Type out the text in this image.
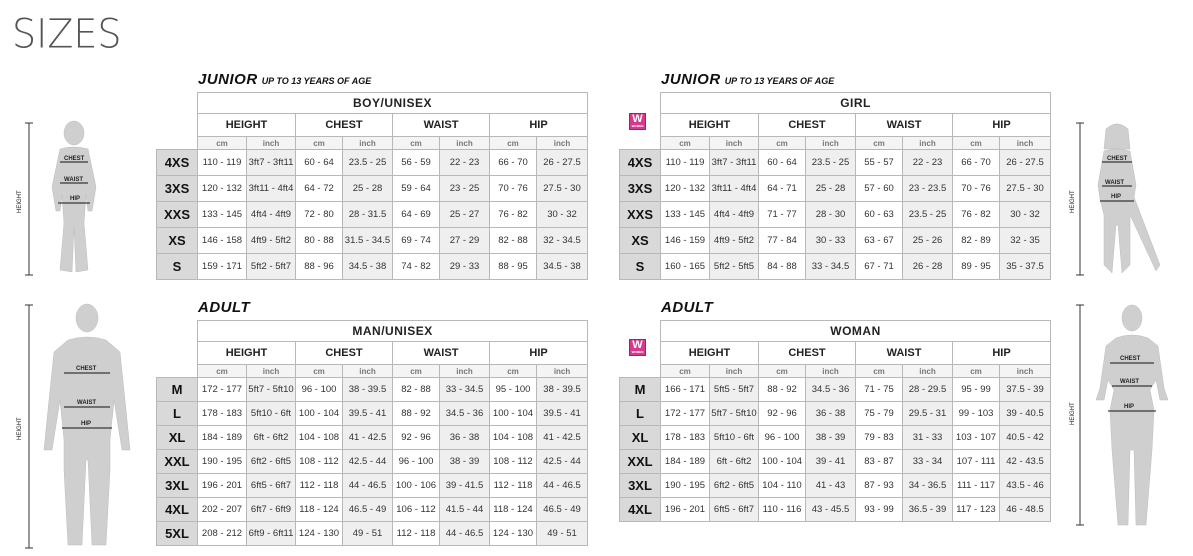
SIZES
JUNIOR UP TO 13 YEARS OF AGE	JUNIOR UP TO 13 YEARS OF AGE
ADULT	ADULT
W
WOMEN
W
WOMEN
	BOY/UNISEX							
	HEIGHT		CHEST		WAIST		HIP	
	cm	inch	cm	inch	cm	inch	cm	inch
4XS	110 - 119	3ft7 - 3ft11	60 - 64	23.5 - 25	56 - 59	22 - 23	66 - 70	26 - 27.5
3XS	120 - 132	3ft11 - 4ft4	64 - 72	25 - 28	59 - 64	23 - 25	70 - 76	27.5 - 30
XXS	133 - 145	4ft4 - 4ft9	72 - 80	28 - 31.5	64 - 69	25 - 27	76 - 82	30 - 32
XS	146 - 158	4ft9 - 5ft2	80 - 88	31.5 - 34.5	69 - 74	27 - 29	82 - 88	32 - 34.5
S	159 - 171	5ft2 - 5ft7	88 - 96	34.5 - 38	74 - 82	29 - 33	88 - 95	34.5 - 38
	GIRL							
	HEIGHT		CHEST		WAIST		HIP	
	cm	inch	cm	inch	cm	inch	cm	inch
4XS	110 - 119	3ft7 - 3ft11	60 - 64	23.5 - 25	55 - 57	22 - 23	66 - 70	26 - 27.5
3XS	120 - 132	3ft11 - 4ft4	64 - 71	25 - 28	57 - 60	23 - 23.5	70 - 76	27.5 - 30
XXS	133 - 145	4ft4 - 4ft9	71 - 77	28 - 30	60 - 63	23.5 - 25	76 - 82	30 - 32
XS	146 - 159	4ft9 - 5ft2	77 - 84	30 - 33	63 - 67	25 - 26	82 - 89	32 - 35
S	160 - 165	5ft2 - 5ft5	84 - 88	33 - 34.5	67 - 71	26 - 28	89 - 95	35 - 37.5
	MAN/UNISEX							
	HEIGHT		CHEST		WAIST		HIP	
	cm	inch	cm	inch	cm	inch	cm	inch
M	172 - 177	5ft7 - 5ft10	96 - 100	38 - 39.5	82 - 88	33 - 34.5	95 - 100	38 - 39.5
L	178 - 183	5ft10 - 6ft	100 - 104	39.5 - 41	88 - 92	34.5 - 36	100 - 104	39.5 - 41
XL	184 - 189	6ft - 6ft2	104 - 108	41 - 42.5	92 - 96	36 - 38	104 - 108	41 - 42.5
XXL	190 - 195	6ft2 - 6ft5	108 - 112	42.5 - 44	96 - 100	38 - 39	108 - 112	42.5 - 44
3XL	196 - 201	6ft5 - 6ft7	112 - 118	44 - 46.5	100 - 106	39 - 41.5	112 - 118	44 - 46.5
4XL	202 - 207	6ft7 - 6ft9	118 - 124	46.5 - 49	106 - 112	41.5 - 44	118 - 124	46.5 - 49
5XL	208 - 212	6ft9 - 6ft11	124 - 130	49 - 51	112 - 118	44 - 46.5	124 - 130	49 - 51
	WOMAN							
	HEIGHT		CHEST		WAIST		HIP	
	cm	inch	cm	inch	cm	inch	cm	inch
M	166 - 171	5ft5 - 5ft7	88 - 92	34.5 - 36	71 - 75	28 - 29.5	95 - 99	37.5 - 39
L	172 - 177	5ft7 - 5ft10	92 - 96	36 - 38	75 - 79	29.5 - 31	99 - 103	39 - 40.5
XL	178 - 183	5ft10 - 6ft	96 - 100	38 - 39	79 - 83	31 - 33	103 - 107	40.5 - 42
XXL	184 - 189	6ft - 6ft2	100 - 104	39 - 41	83 - 87	33 - 34	107 - 111	42 - 43.5
3XL	190 - 195	6ft2 - 6ft5	104 - 110	41 - 43	87 - 93	34 - 36.5	111 - 117	43.5 - 46
4XL	196 - 201	6ft5 - 6ft7	110 - 116	43 - 45.5	93 - 99	36.5 - 39	117 - 123	46 - 48.5
HEIGHT
CHEST
WAIST
HIP
HEIGHT
CHEST
WAIST
HIP
HEIGHT
CHEST
WAIST
HIP
HEIGHT
CHEST
WAIST
HIP
